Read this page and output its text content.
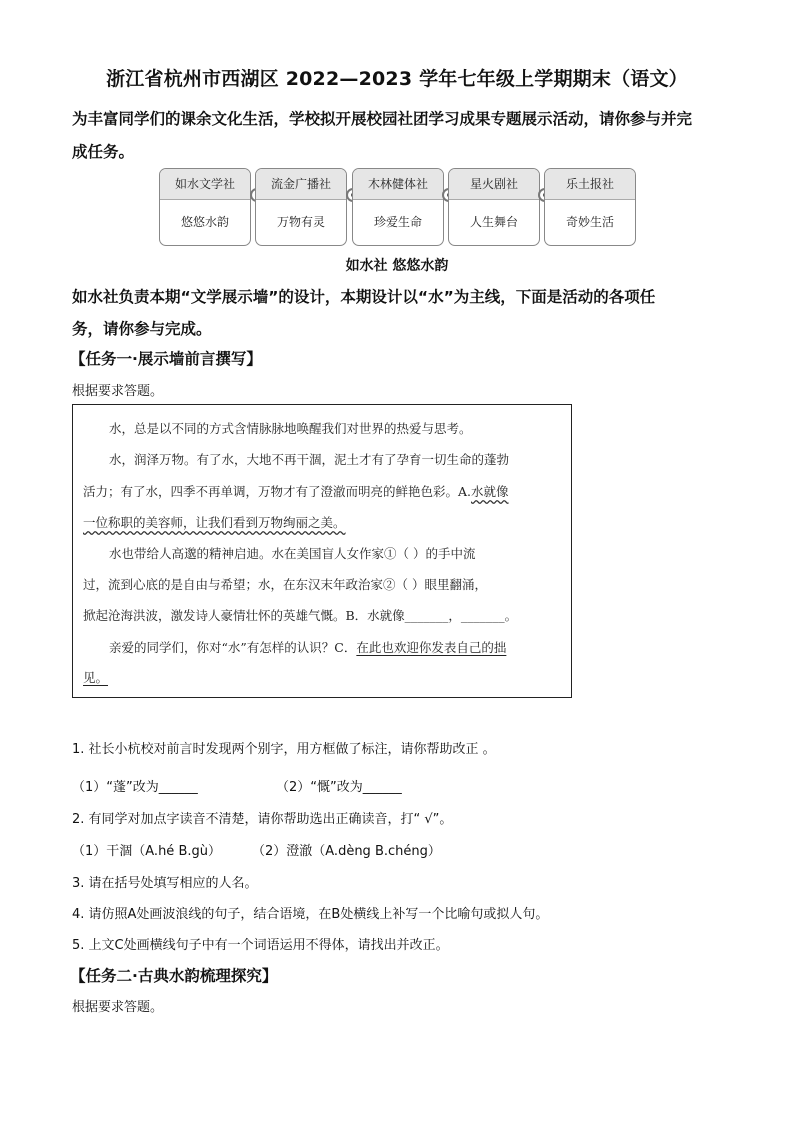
浙江省杭州市西湖区 2022—2023 学年七年级上学期期末（语文）
为丰富同学们的课余文化生活，学校拟开展校园社团学习成果专题展示活动，请你参与并完
成任务。
如水文学社
悠悠水韵
流金广播社
万物有灵
木林健体社
珍爱生命
星火剧社
人生舞台
乐土报社
奇妙生活
如水社 悠悠水韵
如水社负责本期“文学展示墙”的设计，本期设计以“水”为主线，下面是活动的各项任
务，请你参与完成。
【任务一·展示墙前言撰写】
根据要求答题。
水，总是以不同的方式含情脉脉地唤醒我们对世界的热爱与思考。
水，润泽万物。有了水，大地不再干涸，泥土才有了孕育一切生命的蓬勃
活力；有了水，四季不再单调，万物才有了澄澈而明亮的鲜艳色彩。A.水就像
一位称职的美容师，让我们看到万物绚丽之美。
水也带给人高邈的精神启迪。水在美国盲人女作家①（ ）的手中流
过，流到心底的是自由与希望；水，在东汉末年政治家②（ ）眼里翻涌，
掀起沧海洪波，激发诗人豪情壮怀的英雄气慨。B．水就像_______，_______。
亲爱的同学们，你对“水”有怎样的认识？C．在此也欢迎你发表自己的拙
见。
1. 社长小杭校对前言时发现两个别字，用方框做了标注，请你帮助改正 。
（1）“蓬”改为______	（2）“慨”改为______
2. 有同学对加点字读音不清楚，请你帮助选出正确读音，打“ √”。
（1）干涸（A.hé B.gù） （2）澄澈（A.dèng B.chéng）
3. 请在括号处填写相应的人名。
4. 请仿照A处画波浪线的句子，结合语境，在B处横线上补写一个比喻句或拟人句。
5. 上文C处画横线句子中有一个词语运用不得体，请找出并改正。
【任务二·古典水韵梳理探究】
根据要求答题。
